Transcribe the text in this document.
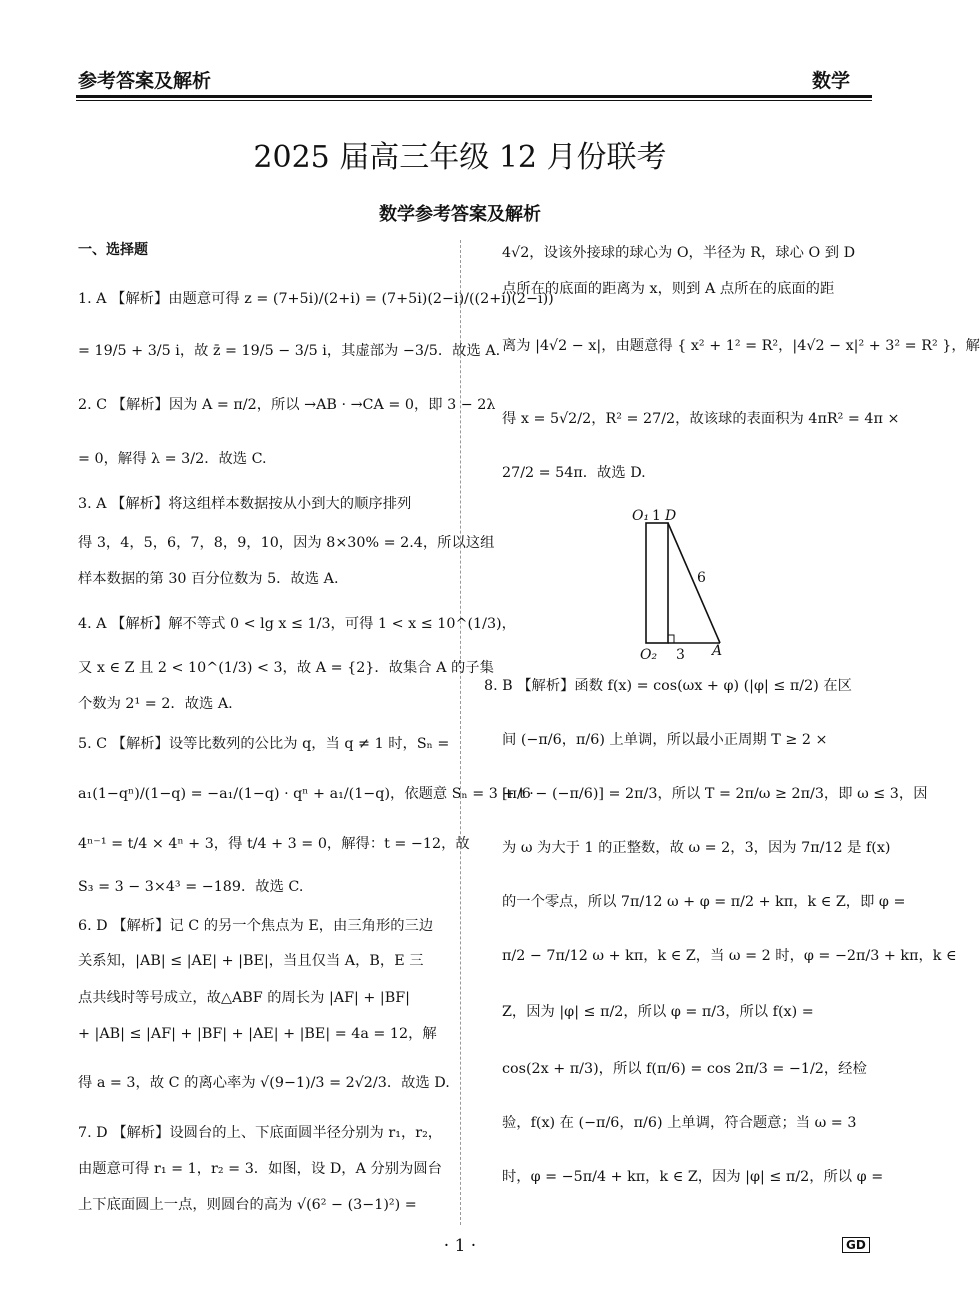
参考答案及解析	数学
2025 届高三年级 12 月份联考
数学参考答案及解析
一、选择题
1. A 【解析】由题意可得 z = (7+5i)/(2+i) = (7+5i)(2−i)/((2+i)(2−i))
= 19/5 + 3/5 i，故 z̄ = 19/5 − 3/5 i，其虚部为 −3/5．故选 A.
2. C 【解析】因为 A = π/2，所以 →AB · →CA = 0，即 3 − 2λ
= 0，解得 λ = 3/2．故选 C.
3. A 【解析】将这组样本数据按从小到大的顺序排列
得 3，4，5，6，7，8，9，10，因为 8×30% = 2.4，所以这组
样本数据的第 30 百分位数为 5．故选 A.
4. A 【解析】解不等式 0 < lg x ≤ 1/3，可得 1 < x ≤ 10^(1/3)，
又 x ∈ Z 且 2 < 10^(1/3) < 3，故 A = {2}．故集合 A 的子集
个数为 2¹ = 2．故选 A.
5. C 【解析】设等比数列的公比为 q，当 q ≠ 1 时，Sₙ =
a₁(1−qⁿ)/(1−q) = −a₁/(1−q) · qⁿ + a₁/(1−q)，依题意 Sₙ = 3 + t ·
4ⁿ⁻¹ = t/4 × 4ⁿ + 3，得 t/4 + 3 = 0，解得：t = −12，故
S₃ = 3 − 3×4³ = −189．故选 C.
6. D 【解析】记 C 的另一个焦点为 E，由三角形的三边
关系知，|AB| ≤ |AE| + |BE|，当且仅当 A，B，E 三
点共线时等号成立，故△ABF 的周长为 |AF| + |BF|
+ |AB| ≤ |AF| + |BF| + |AE| + |BE| = 4a = 12，解
得 a = 3，故 C 的离心率为 √(9−1)/3 = 2√2/3．故选 D.
7. D 【解析】设圆台的上、下底面圆半径分别为 r₁，r₂，
由题意可得 r₁ = 1，r₂ = 3．如图，设 D，A 分别为圆台
上下底面圆上一点，则圆台的高为 √(6² − (3−1)²) =
4√2，设该外接球的球心为 O，半径为 R，球心 O 到 D
点所在的底面的距离为 x，则到 A 点所在的底面的距
离为 |4√2 − x|，由题意得 { x² + 1² = R²，|4√2 − x|² + 3² = R² }，解
得 x = 5√2/2，R² = 27/2，故该球的表面积为 4πR² = 4π ×
27/2 = 54π．故选 D.
O₁ 1 D
6
O₂ 3 A
8. B 【解析】函数 f(x) = cos(ωx + φ) (|φ| ≤ π/2) 在区
间 (−π/6，π/6) 上单调，所以最小正周期 T ≥ 2 ×
[π/6 − (−π/6)] = 2π/3，所以 T = 2π/ω ≥ 2π/3，即 ω ≤ 3，因
为 ω 为大于 1 的正整数，故 ω = 2，3，因为 7π/12 是 f(x)
的一个零点，所以 7π/12 ω + φ = π/2 + kπ，k ∈ Z，即 φ =
π/2 − 7π/12 ω + kπ，k ∈ Z，当 ω = 2 时，φ = −2π/3 + kπ，k ∈
Z，因为 |φ| ≤ π/2，所以 φ = π/3，所以 f(x) =
cos(2x + π/3)，所以 f(π/6) = cos 2π/3 = −1/2，经检
验，f(x) 在 (−π/6，π/6) 上单调，符合题意；当 ω = 3
时，φ = −5π/4 + kπ，k ∈ Z，因为 |φ| ≤ π/2，所以 φ =
· 1 ·	GD
